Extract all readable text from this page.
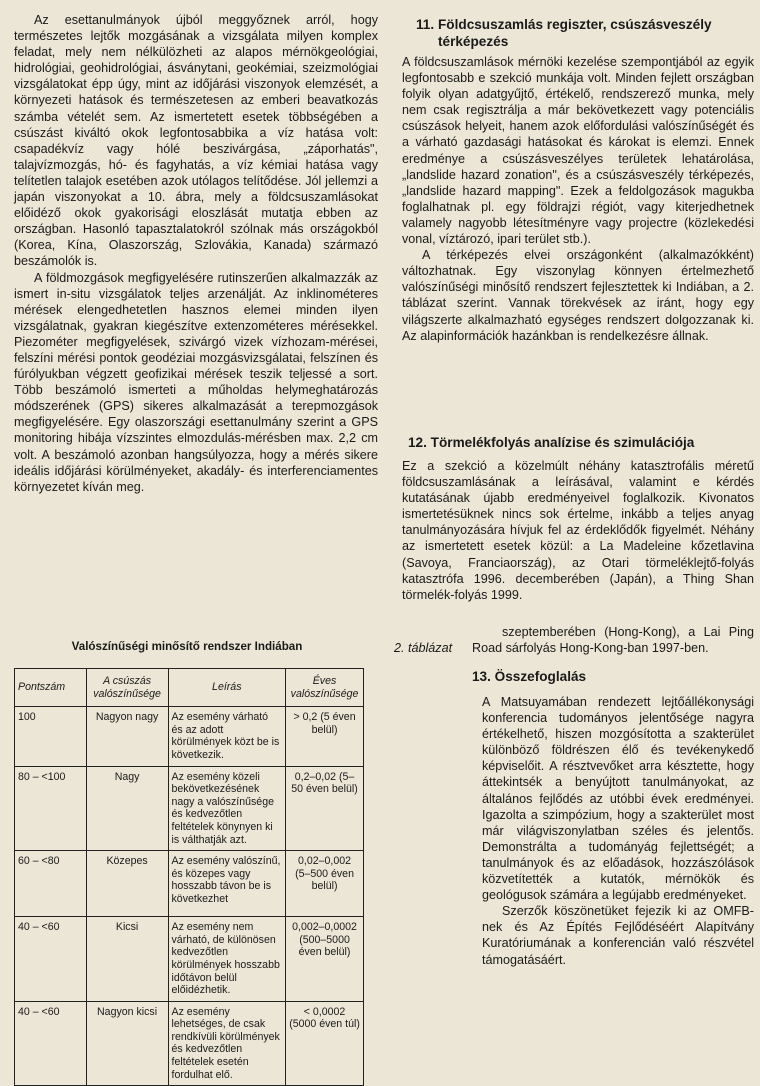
Az esettanulmányok újból meggyőznek arról, hogy természetes lejtők mozgásának a vizsgálata milyen komplex feladat, mely nem nélkülözheti az alapos mérnökgeológiai, hidrológiai, geohidrológiai, ásványtani, geokémiai, szeizmológiai vizsgálatokat épp úgy, mint az időjárási viszonyok elemzését, a környezeti hatások és természetesen az emberi beavatkozás számba vételét sem. Az ismertetett esetek többségében a csúszást kiváltó okok legfontosabbika a víz hatása volt: csapadékvíz vagy hólé beszivárgása, „záporhatás", talajvízmozgás, hó- és fagyhatás, a víz kémiai hatása vagy telítetlen talajok esetében azok utólagos telítődése. Jól jellemzi a japán viszonyokat a 10. ábra, mely a földcsuszamlásokat előidéző okok gyakorisági eloszlását mutatja ebben az országban. Hasonló tapasztalatokról szólnak más országokból (Korea, Kína, Olaszország, Szlovákia, Kanada) származó beszámolók is.

A földmozgások megfigyelésére rutinszerűen alkalmazzák az ismert in-situ vizsgálatok teljes arzenálját. Az inklinométeres mérések elengedhetetlen hasznos elemei minden ilyen vizsgálatnak, gyakran kiegészítve extenzométeres mérésekkel. Piezométer megfigyelések, szivárgó vizek vízhozam-mérései, felszíni mérési pontok geodéziai mozgásvizsgálatai, felszínen és fúrólyukban végzett geofizikai mérések teszik teljessé a sort. Több beszámoló ismerteti a műholdas helymeghatározás módszerének (GPS) sikeres alkalmazását a terepmozgások megfigyelésére. Egy olaszországi esettanulmány szerint a GPS monitoring hibája vízszintes elmozdulás-mérésben max. 2,2 cm volt. A beszámoló azonban hangsúlyozza, hogy a mérés sikere ideális időjárási körülményeket, akadály- és interferenciamentes környezetet kíván meg.

Valószínűségi minősítő rendszer Indiában
Pontszám	A csúszás valószínűsége	Leírás	Éves valószínűsége
100	Nagyon nagy	Az esemény várható és az adott körülmények közt be is következik.	> 0,2 (5 éven belül)
80 – <100	Nagy	Az esemény közeli bekövetkezésének nagy a valószínűsége és kedvezőtlen feltételek könynyen ki is válthatják azt.	0,2–0,02 (5–50 éven belül)
60 – <80	Közepes	Az esemény valószínű, és közepes vagy hosszabb távon be is következhet	0,02–0,002 (5–500 éven belül)
40 – <60	Kicsi	Az esemény nem várható, de különösen kedvezőtlen körülmények hosszabb időtávon belül előidézhetik.	0,002–0,0002 (500–5000 éven belül)
40 – <60	Nagyon kicsi	Az esemény lehetséges, de csak rendkívüli körülmények és kedvezőtlen feltételek esetén fordulhat elő.	< 0,0002 (5000 éven túl)
11. Földcsuszamlás regiszter, csúszásveszély
térképezés

A földcsuszamlások mérnöki kezelése szempontjából az egyik legfontosabb e szekció munkája volt. Minden fejlett országban folyik olyan adatgyűjtő, értékelő, rendszerező munka, mely nem csak regisztrálja a már bekövetkezett vagy potenciális csúszások helyeit, hanem azok előfordulási valószínűségét és a várható gazdasági hatásokat és károkat is elemzi. Ennek eredménye a csúszásveszélyes területek lehatárolása, „landslide hazard zonation", és a csúszásveszély térképezés, „landslide hazard mapping". Ezek a feldolgozások magukba foglalhatnak pl. egy földrajzi régiót, vagy kiterjedhetnek valamely nagyobb létesítményre vagy projectre (közlekedési vonal, víztározó, ipari terület stb.).

A térképezés elvei országonként (alkalmazókként) változhatnak. Egy viszonylag könnyen értelmezhető valószínűségi minősítő rendszert fejlesztettek ki Indiában, a 2. táblázat szerint. Vannak törekvések az iránt, hogy egy világszerte alkalmazható egységes rendszert dolgozzanak ki. Az alapinformációk hazánkban is rendelkezésre állnak.

12. Törmelékfolyás analízise és szimulációja

Ez a szekció a közelmúlt néhány katasztrofális méretű földcsuszamlásának a leírásával, valamint e kérdés kutatásának újabb eredményeivel foglalkozik. Kivonatos ismertetésüknek nincs sok értelme, inkább a teljes anyag tanulmányozására hívjuk fel az érdeklődők figyelmét. Néhány az ismertetett esetek közül: a La Madeleine kőzetlavina (Savoya, Franciaország), az Otari törmeléklejtő-folyás katasztrófa 1996. decemberében (Japán), a Thing Shan törmelék-folyás 1999.

szeptemberében (Hong-Kong), a Lai Ping
Road sárfolyás Hong-Kong-ban 1997-ben.
2. táblázat
13. Összefoglalás

A Matsuyamában rendezett lejtőállékonysági konferencia tudományos jelentősége nagyra értékelhető, hiszen mozgósította a szakterület különböző földrészen élő és tevékenykedő képviselőit. A résztvevőket arra késztette, hogy áttekintsék a benyújtott tanulmányokat, az általános fejlődés az utóbbi évek eredményei. Igazolta a szimpózium, hogy a szakterület most már világviszonylatban széles és jelentős. Demonstrálta a tudományág fejlettségét; a tanulmányok és az előadások, hozzászólások közvetítették a kutatók, mérnökök és geológusok számára a legújabb eredményeket.

Szerzők köszönetüket fejezik ki az OMFB-nek és Az Építés Fejlődéséért Alapítvány Kuratóriumának a konferencián való részvétel támogatásáért.
